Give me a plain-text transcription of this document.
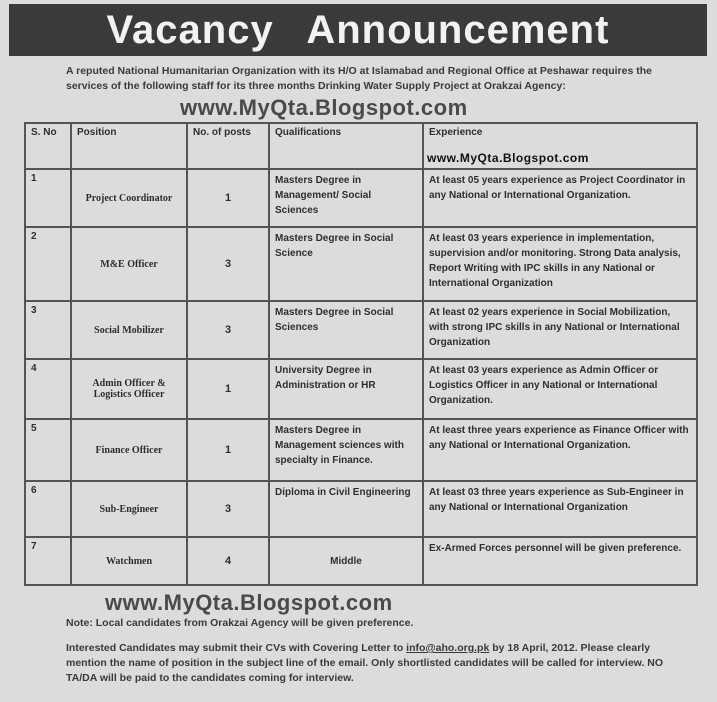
Vacancy Announcement
A reputed National Humanitarian Organization with its H/O at Islamabad and Regional Office at Peshawar requires the services of the following staff for its three months Drinking Water Supply Project at Orakzai Agency:
www.MyQta.Blogspot.com
S. No	Position	No. of posts	Qualifications	Experience
1	Project Coordinator	1	Masters Degree in Management/ Social Sciences	At least 05 years experience as Project Coordinator in any National or International Organization.
2	M&E Officer	3	Masters Degree in Social Science	At least 03 years experience in implementation, supervision and/or monitoring. Strong Data analysis, Report Writing with IPC skills in any National or International Organization
3	Social Mobilizer	3	Masters Degree in Social Sciences	At least 02 years experience in Social Mobilization, with strong IPC skills in any National or International Organization
4	Admin Officer & Logistics Officer	1	University Degree in Administration or HR	At least 03 years experience as Admin Officer or Logistics Officer in any National or International Organization.
5	Finance Officer	1	Masters Degree in Management sciences with specialty in Finance.	At least three years experience as Finance Officer with any National or International Organization.
6	Sub-Engineer	3	Diploma in Civil Engineering	At least 03 three years experience as Sub-Engineer in any National or International Organization
7	Watchmen	4	Middle	Ex-Armed Forces personnel will be given preference.
www.MyQta.Blogspot.com
www.MyQta.Blogspot.com

Note: Local candidates from Orakzai Agency will be given preference.

Interested Candidates may submit their CVs with Covering Letter to info@aho.org.pk by 18 April, 2012. Please clearly mention the name of position in the subject line of the email. Only shortlisted candidates will be called for interview. NO TA/DA will be paid to the candidates coming for interview.
